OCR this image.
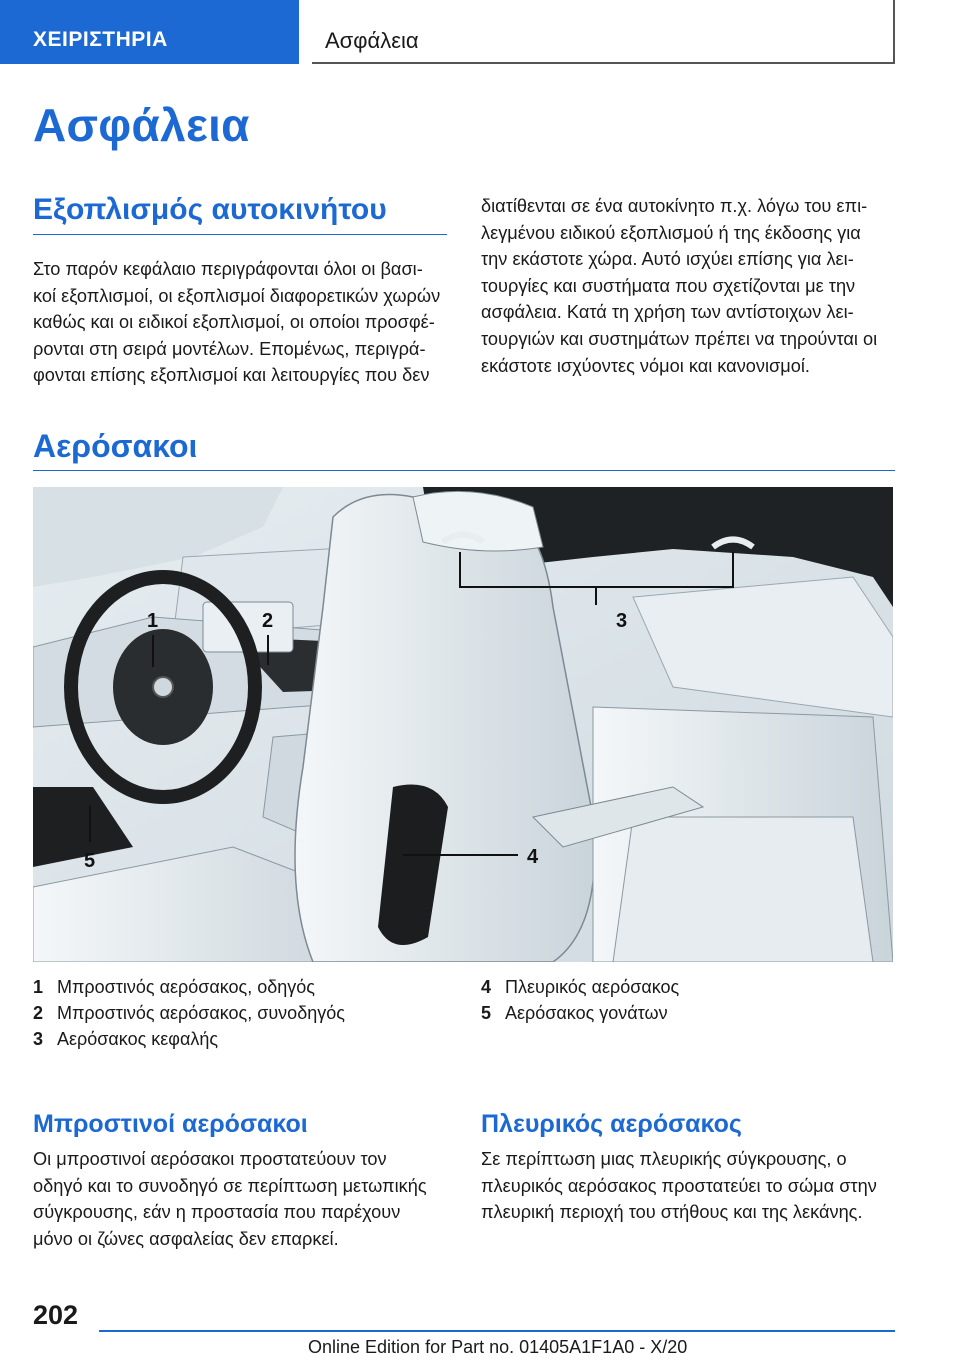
ΧΕΙΡΙΣΤΗΡΙΑ	Ασφάλεια
Ασφάλεια
Εξοπλισμός αυτοκινήτου
Στο παρόν κεφάλαιο περιγράφονται όλοι οι βασι-
κοί εξοπλισμοί, οι εξοπλισμοί διαφορετικών χωρών
καθώς και οι ειδικοί εξοπλισμοί, οι οποίοι προσφέ-
ρονται στη σειρά μοντέλων. Επομένως, περιγρά-
φονται επίσης εξοπλισμοί και λειτουργίες που δεν
διατίθενται σε ένα αυτοκίνητο π.χ. λόγω του επι-
λεγμένου ειδικού εξοπλισμού ή της έκδοσης για
την εκάστοτε χώρα. Αυτό ισχύει επίσης για λει-
τουργίες και συστήματα που σχετίζονται με την
ασφάλεια. Κατά τη χρήση των αντίστοιχων λει-
τουργιών και συστημάτων πρέπει να τηρούνται οι
εκάστοτε ισχύοντες νόμοι και κανονισμοί.
Αερόσακοι
1	2	3
4
5
1 Μπροστινός αερόσακος, οδηγός
2 Μπροστινός αερόσακος, συνοδηγός
3 Αερόσακος κεφαλής
4 Πλευρικός αερόσακος
5 Αερόσακος γονάτων
Μπροστινοί αερόσακοι
Οι μπροστινοί αερόσακοι προστατεύουν τον
οδηγό και το συνοδηγό σε περίπτωση μετωπικής
σύγκρουσης, εάν η προστασία που παρέχουν
μόνο οι ζώνες ασφαλείας δεν επαρκεί.
Πλευρικός αερόσακος
Σε περίπτωση μιας πλευρικής σύγκρουσης, ο
πλευρικός αερόσακος προστατεύει το σώμα στην
πλευρική περιοχή του στήθους και της λεκάνης.
202
Online Edition for Part no. 01405A1F1A0 - X/20
